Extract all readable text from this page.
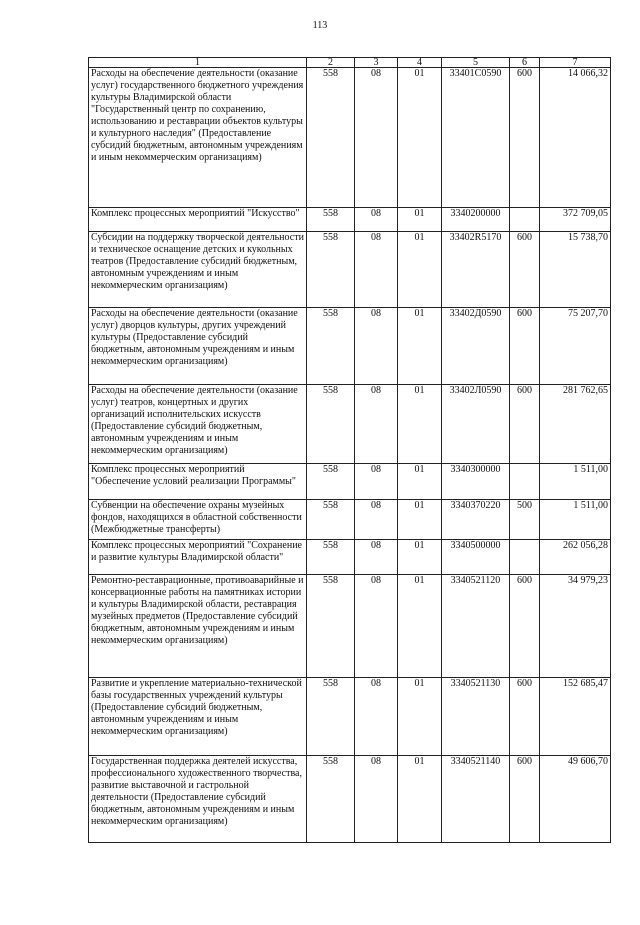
113
1	2	3	4	5	6	7
Расходы на обеспечение деятельности (оказание услуг) государственного бюджетного учреждения культуры Владимирской области "Государственный центр по сохранению, использованию и реставрации объектов культуры и культурного наследия" (Предоставление субсидий бюджетным, автономным учреждениям и иным некоммерческим организациям)	558	08	01	33401С0590	600	14 066,32
Комплекс процессных мероприятий "Искусство"	558	08	01	3340200000		372 709,05
Субсидии на поддержку творческой деятельности и техническое оснащение детских и кукольных театров (Предоставление субсидий бюджетным, автономным учреждениям и иным некоммерческим организациям)	558	08	01	33402R5170	600	15 738,70
Расходы на обеспечение деятельности (оказание услуг) дворцов культуры, других учреждений культуры (Предоставление субсидий бюджетным, автономным учреждениям и иным некоммерческим организациям)	558	08	01	33402Д0590	600	75 207,70
Расходы на обеспечение деятельности (оказание услуг) театров, концертных и других организаций исполнительских искусств (Предоставление субсидий бюджетным, автономным учреждениям и иным некоммерческим организациям)	558	08	01	33402Л0590	600	281 762,65
Комплекс процессных мероприятий "Обеспечение условий реализации Программы"	558	08	01	3340300000		1 511,00
Субвенции на обеспечение охраны музейных фондов, находящихся в областной собственности (Межбюджетные трансферты)	558	08	01	3340370220	500	1 511,00
Комплекс процессных мероприятий "Сохранение и развитие культуры Владимирской области"	558	08	01	3340500000		262 056,28
Ремонтно-реставрационные, противоаварийные и консервационные работы на памятниках истории и культуры Владимирской области, реставрация музейных предметов (Предоставление субсидий бюджетным, автономным учреждениям и иным некоммерческим организациям)	558	08	01	3340521120	600	34 979,23
Развитие и укрепление материально-технической базы государственных учреждений культуры (Предоставление субсидий бюджетным, автономным учреждениям и иным некоммерческим организациям)	558	08	01	3340521130	600	152 685,47
Государственная поддержка деятелей искусства, профессионального художественного творчества, развитие выставочной и гастрольной деятельности (Предоставление субсидий бюджетным, автономным учреждениям и иным некоммерческим организациям)	558	08	01	3340521140	600	49 606,70
